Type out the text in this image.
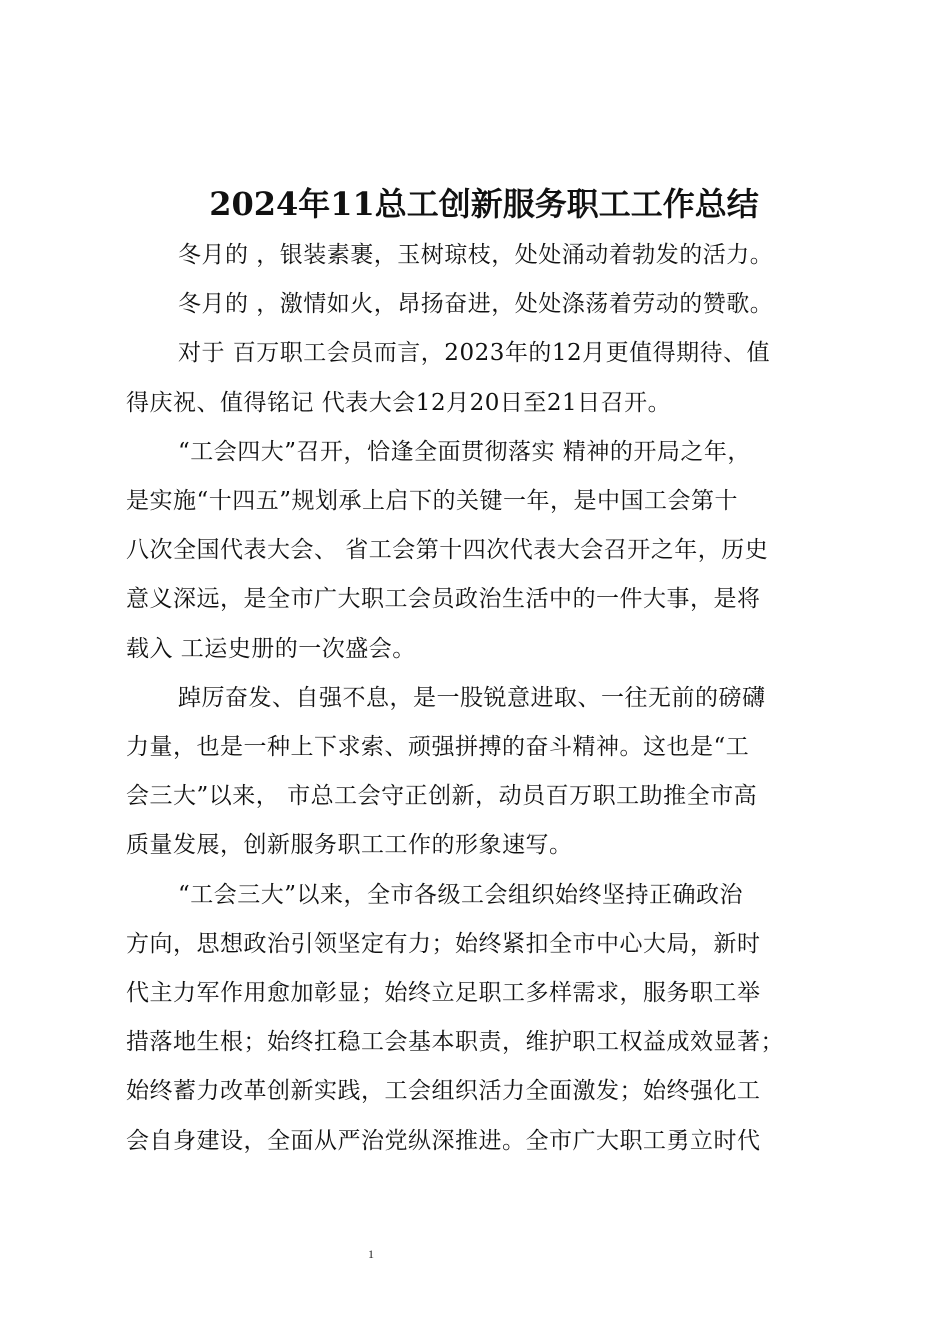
2024年11总工创新服务职工工作总结

冬月的 ，银装素裹，玉树琼枝，处处涌动着勃发的活力。

冬月的 ，激情如火，昂扬奋进，处处涤荡着劳动的赞歌。

对于 百万职工会员而言，2023年的12月更值得期待、值
得庆祝、值得铭记 代表大会12月20日至21日召开。

“工会四大”召开，恰逢全面贯彻落实 精神的开局之年，
是实施“十四五”规划承上启下的关键一年，是中国工会第十
八次全国代表大会、 省工会第十四次代表大会召开之年，历史
意义深远，是全市广大职工会员政治生活中的一件大事，是将
载入 工运史册的一次盛会。

踔厉奋发、自强不息，是一股锐意进取、一往无前的磅礴
力量，也是一种上下求索、顽强拼搏的奋斗精神。这也是“工
会三大”以来， 市总工会守正创新，动员百万职工助推全市高
质量发展，创新服务职工工作的形象速写。

“工会三大”以来，全市各级工会组织始终坚持正确政治
方向，思想政治引领坚定有力；始终紧扣全市中心大局，新时
代主力军作用愈加彰显；始终立足职工多样需求，服务职工举
措落地生根；始终扛稳工会基本职责，维护职工权益成效显著；
始终蓄力改革创新实践，工会组织活力全面激发；始终强化工
会自身建设，全面从严治党纵深推进。全市广大职工勇立时代

1
